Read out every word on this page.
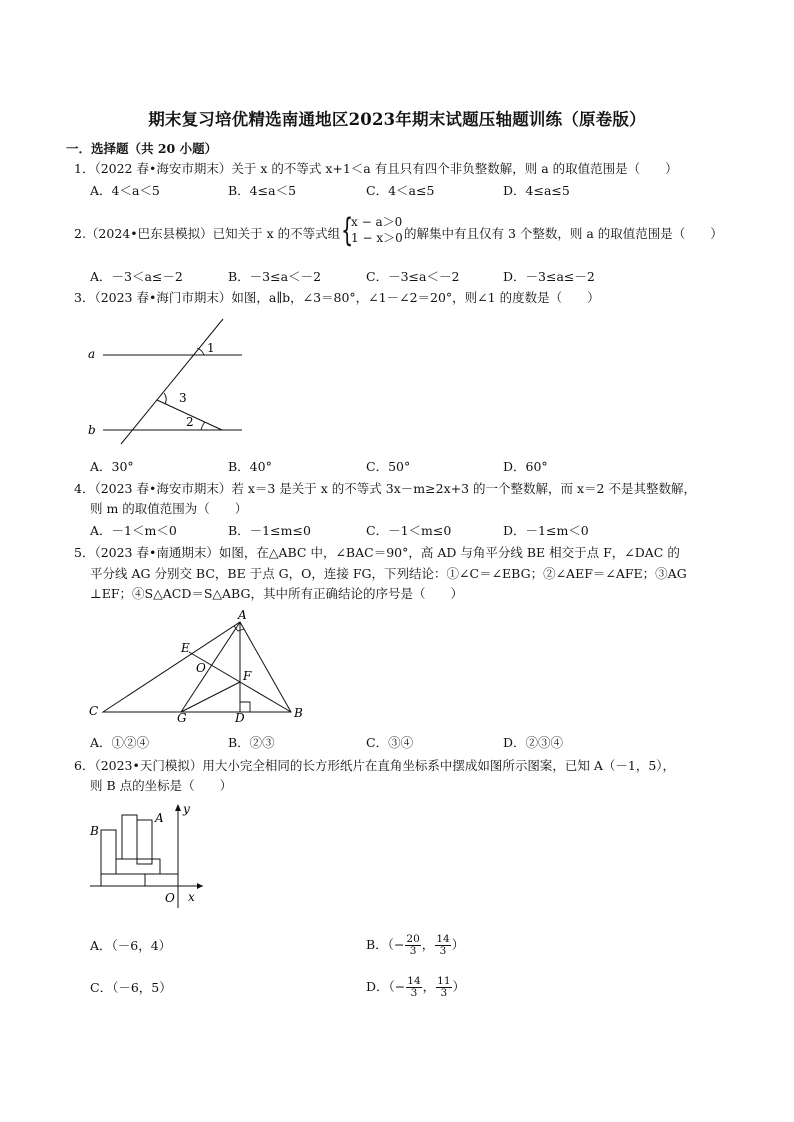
期末复习培优精选南通地区2023年期末试题压轴题训练（原卷版）
一．选择题（共 20 小题）
1．（2022 春•海安市期末）关于 x 的不等式 x+1＜a 有且只有四个非负整数解，则 a 的取值范围是（　　）
A．4＜a＜5	B．4≤a＜5	C．4＜a≤5	D．4≤a≤5
2.（2024•巴东县模拟）已知关于 x 的不等式组 {
x − a＞0
1 − x＞0 的解集中有且仅有 3 个整数，则 a 的取值范围是（　　）
A．－3＜a≤－2	B．－3≤a＜－2	C．－3≤a＜－2	D．－3≤a≤－2
3．（2023 春•海门市期末）如图，a∥b，∠3＝80°，∠1－∠2＝20°，则∠1 的度数是（　　）
a
b
1
3
2
A．30°	B．40°	C．50°	D．60°
4．（2023 春•海安市期末）若 x＝3 是关于 x 的不等式 3x－m≥2x+3 的一个整数解，而 x＝2 不是其整数解，
则 m 的取值范围为（　　）
A．－1＜m＜0	B．－1≤m≤0	C．－1＜m≤0	D．－1≤m＜0
5．（2023 春•南通期末）如图，在△ABC 中，∠BAC＝90°，高 AD 与角平分线 BE 相交于点 F，∠DAC 的
平分线 AG 分别交 BC，BE 于点 G，O，连接 FG，下列结论：①∠C＝∠EBG；②∠AEF＝∠AFE；③AG
⊥EF；④S△ACD＝S△ABG，其中所有正确结论的序号是（　　）
A
B
C	D
E
F
G
O
A．①②④	B．②③	C．③④	D．②③④
6．（2023•天门模拟）用大小完全相同的长方形纸片在直角坐标系中摆成如图所示图案，已知 A（－1，5），
则 B 点的坐标是（　　）
B
A
O x
y
A．（－6，4）	B．（− $\frac{20}{3}$ ， $\frac{14}{3}$ ）
C．（－6，5）	D．（− $\frac{14}{3}$ ， $\frac{11}{3}$ ）
